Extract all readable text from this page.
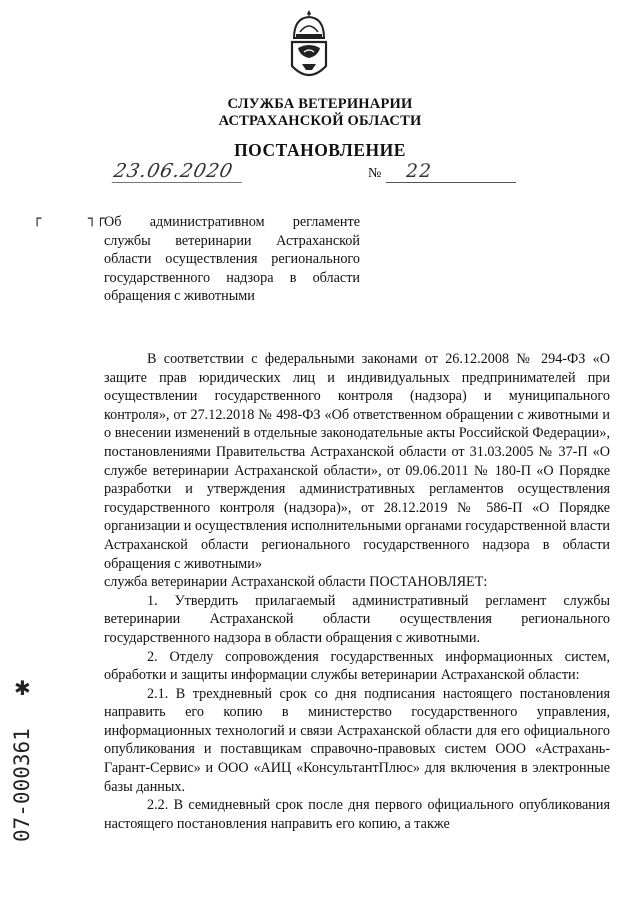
СЛУЖБА ВЕТЕРИНАРИИ
АСТРАХАНСКОЙ ОБЛАСТИ
ПОСТАНОВЛЕНИЕ
23.06.2020	№	22
┌	┐┌ Об административном регламенте службы ветеринарии Астраханской области осуществления регионального государственного надзора в области обращения с животными

В соответствии с федеральными законами от 26.12.2008 № 294-ФЗ «О защите прав юридических лиц и индивидуальных предпринимателей при осуществлении государственного контроля (надзора) и муниципального контроля», от 27.12.2018 № 498-ФЗ «Об ответственном обращении с животными и о внесении изменений в отдельные законодательные акты Российской Федерации», постановлениями Правительства Астраханской области от 31.03.2005 № 37-П «О службе ветеринарии Астраханской области», от 09.06.2011 № 180-П «О Порядке разработки и утверждения административных регламентов осуществления государственного контроля (надзора)», от 28.12.2019 № 586-П «О Порядке организации и осуществления исполнительными органами государственной власти Астраханской области регионального государственного надзора в области обращения с животными»

служба ветеринарии Астраханской области ПОСТАНОВЛЯЕТ:

1. Утвердить прилагаемый административный регламент службы ветеринарии Астраханской области осуществления регионального государственного надзора в области обращения с животными.

2. Отделу сопровождения государственных информационных систем, обработки и защиты информации службы ветеринарии Астраханской области:

2.1. В трехдневный срок со дня подписания настоящего постановления направить его копию в министерство государственного управления, информационных технологий и связи Астраханской области для его официального опубликования и поставщикам справочно-правовых систем ООО «Астрахань-Гарант-Сервис» и ООО «АИЦ «КонсультантПлюс» для включения в электронные базы данных.

2.2. В семидневный срок после дня первого официального опубликования настоящего постановления направить его копию, а также

✱
07-000361
